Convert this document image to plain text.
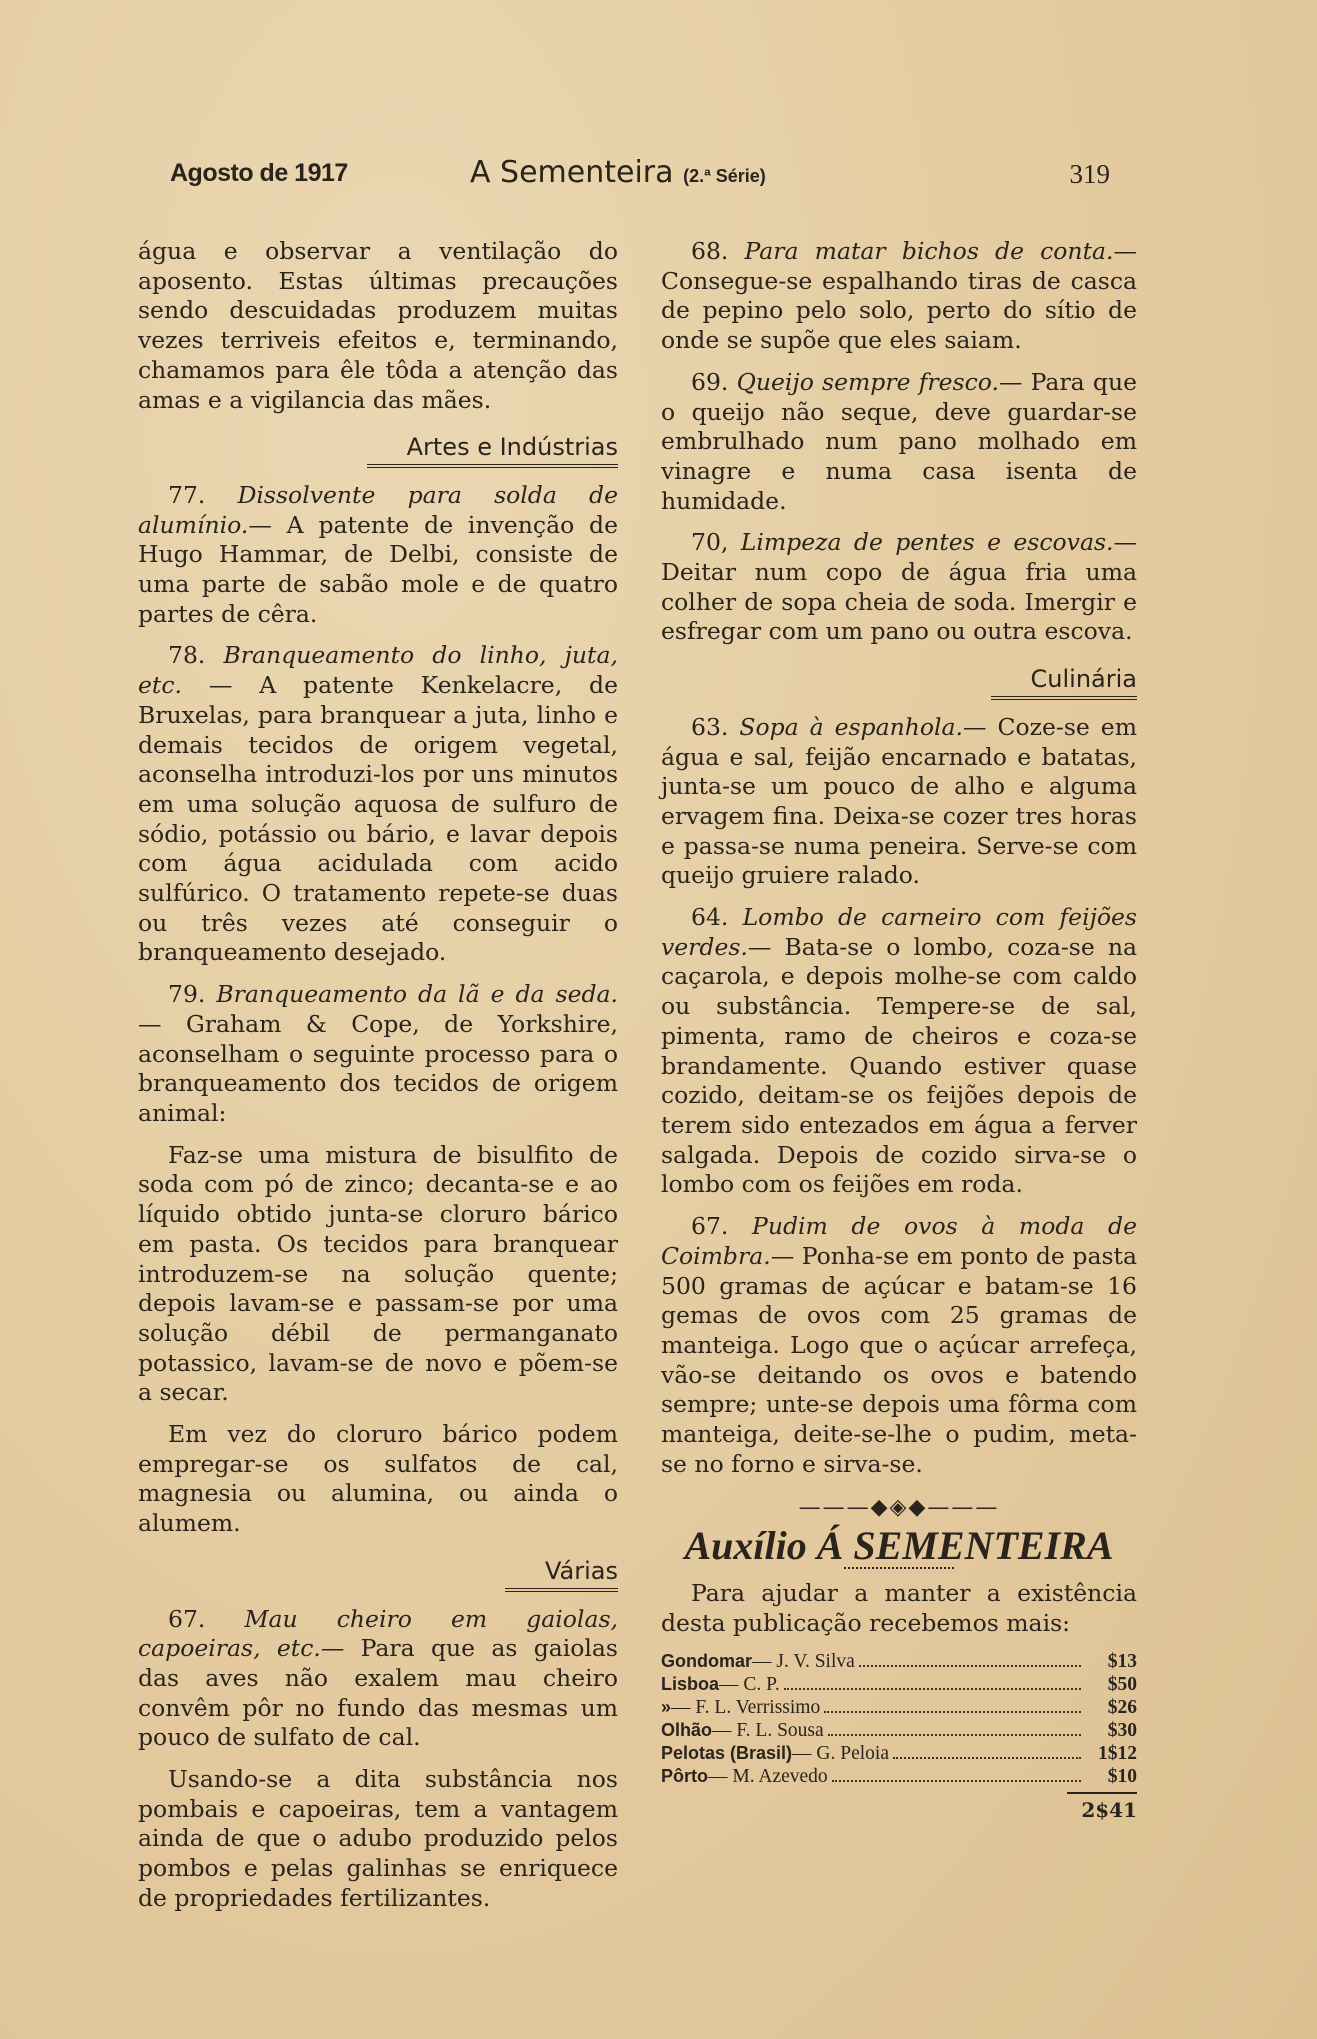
Agosto de 1917	A Sementeira (2.ª Série)	319

água e observar a ventilação do aposento. Estas últimas precauções sendo descuidadas produzem muitas vezes terriveis efeitos e, terminando, chamamos para êle tôda a atenção das amas e a vigilancia das mães.

Artes e Indústrias

77. Dissolvente para solda de alumínio.— A patente de invenção de Hugo Hammar, de Delbi, consiste de uma parte de sabão mole e de quatro partes de cêra.

78. Branqueamento do linho, juta, etc. — A patente Kenkelacre, de Bruxelas, para branquear a juta, linho e demais tecidos de origem vegetal, aconselha introduzi-los por uns minutos em uma solução aquosa de sulfuro de sódio, potássio ou bário, e lavar depois com água acidulada com acido sulfúrico. O tratamento repete-se duas ou três vezes até conseguir o branqueamento desejado.

79. Branqueamento da lã e da seda.— Graham & Cope, de Yorkshire, aconselham o seguinte processo para o branqueamento dos tecidos de origem animal:

Faz-se uma mistura de bisulfito de soda com pó de zinco; decanta-se e ao líquido obtido junta-se cloruro bárico em pasta. Os tecidos para branquear introduzem-se na solução quente; depois lavam-se e passam-se por uma solução débil de permanganato potassico, lavam-se de novo e põem-se a secar.

Em vez do cloruro bárico podem empregar-se os sulfatos de cal, magnesia ou alumina, ou ainda o alumem.

Várias

67. Mau cheiro em gaiolas, capoeiras, etc.— Para que as gaiolas das aves não exalem mau cheiro convêm pôr no fundo das mesmas um pouco de sulfato de cal.

Usando-se a dita substância nos pombais e capoeiras, tem a vantagem ainda de que o adubo produzido pelos pombos e pelas galinhas se enriquece de propriedades fertilizantes.

68. Para matar bichos de conta.— Consegue-se espalhando tiras de casca de pepino pelo solo, perto do sítio de onde se supõe que eles saiam.

69. Queijo sempre fresco.— Para que o queijo não seque, deve guardar-se embrulhado num pano molhado em vinagre e numa casa isenta de humidade.

70, Limpeza de pentes e escovas.— Deitar num copo de água fria uma colher de sopa cheia de soda. Imergir e esfregar com um pano ou outra escova.

Culinária

63. Sopa à espanhola.— Coze-se em água e sal, feijão encarnado e batatas, junta-se um pouco de alho e alguma ervagem fina. Deixa-se cozer tres horas e passa-se numa peneira. Serve-se com queijo gruiere ralado.

64. Lombo de carneiro com feijões verdes.— Bata-se o lombo, coza-se na caçarola, e depois molhe-se com caldo ou substância. Tempere-se de sal, pimenta, ramo de cheiros e coza-se brandamente. Quando estiver quase cozido, deitam-se os feijões depois de terem sido entezados em água a ferver salgada. Depois de cozido sirva-se o lombo com os feijões em roda.

67. Pudim de ovos à moda de Coimbra.— Ponha-se em ponto de pasta 500 gramas de açúcar e batam-se 16 gemas de ovos com 25 gramas de manteiga. Logo que o açúcar arrefeça, vão-se deitando os ovos e batendo sempre; unte-se depois uma fôrma com manteiga, deite-se-lhe o pudim, meta-se no forno e sirva-se.

———◆◈◆———
Auxílio Á SEMENTEIRA

Para ajudar a manter a existência desta publicação recebemos mais:

Gondomar — J. V. Silva	$13
Lisboa — C. P.	$50
» — F. L. Verrissimo	$26
Olhão — F. L. Sousa	$30
Pelotas (Brasil) — G. Peloia	1$12
Pôrto — M. Azevedo	$10
2$41
